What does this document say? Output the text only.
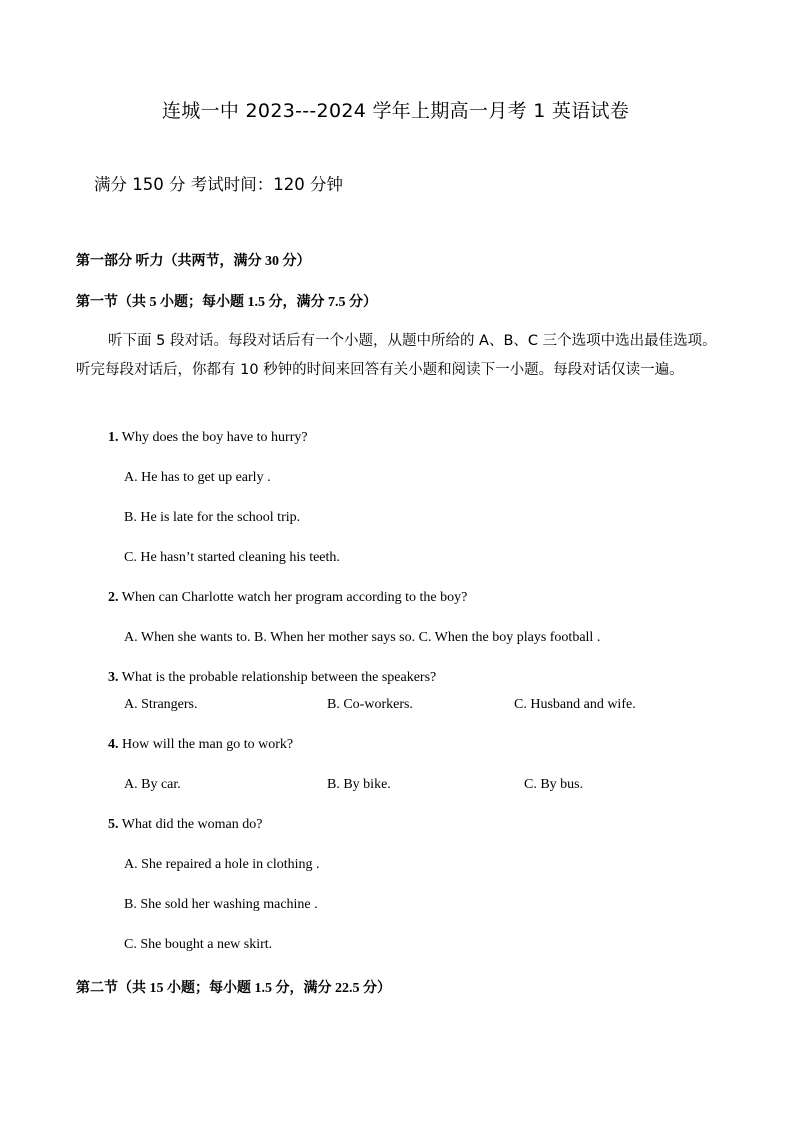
连城一中 2023---2024 学年上期高一月考 1 英语试卷
满分 150 分 考试时间：120 分钟
第一部分 听力（共两节，满分 30 分）
第一节（共 5 小题；每小题 1.5 分，满分 7.5 分）
听下面 5 段对话。每段对话后有一个小题，从题中所给的 A、B、C 三个选项中选出最佳选项。听完每段对话后，你都有 10 秒钟的时间来回答有关小题和阅读下一小题。每段对话仅读一遍。
1. Why does the boy have to hurry?
A. He has to get up early .
B. He is late for the school trip.
C. He hasn’t started cleaning his teeth.
2. When can Charlotte watch her program according to the boy?
A. When she wants to. B. When her mother says so. C. When the boy plays football .
3. What is the probable relationship between the speakers?
A. Strangers.	B. Co-workers.	C. Husband and wife.
4. How will the man go to work?
A. By car.	B. By bike.	C. By bus.
5. What did the woman do?
A. She repaired a hole in clothing .
B. She sold her washing machine .
C. She bought a new skirt.
第二节（共 15 小题；每小题 1.5 分，满分 22.5 分）
